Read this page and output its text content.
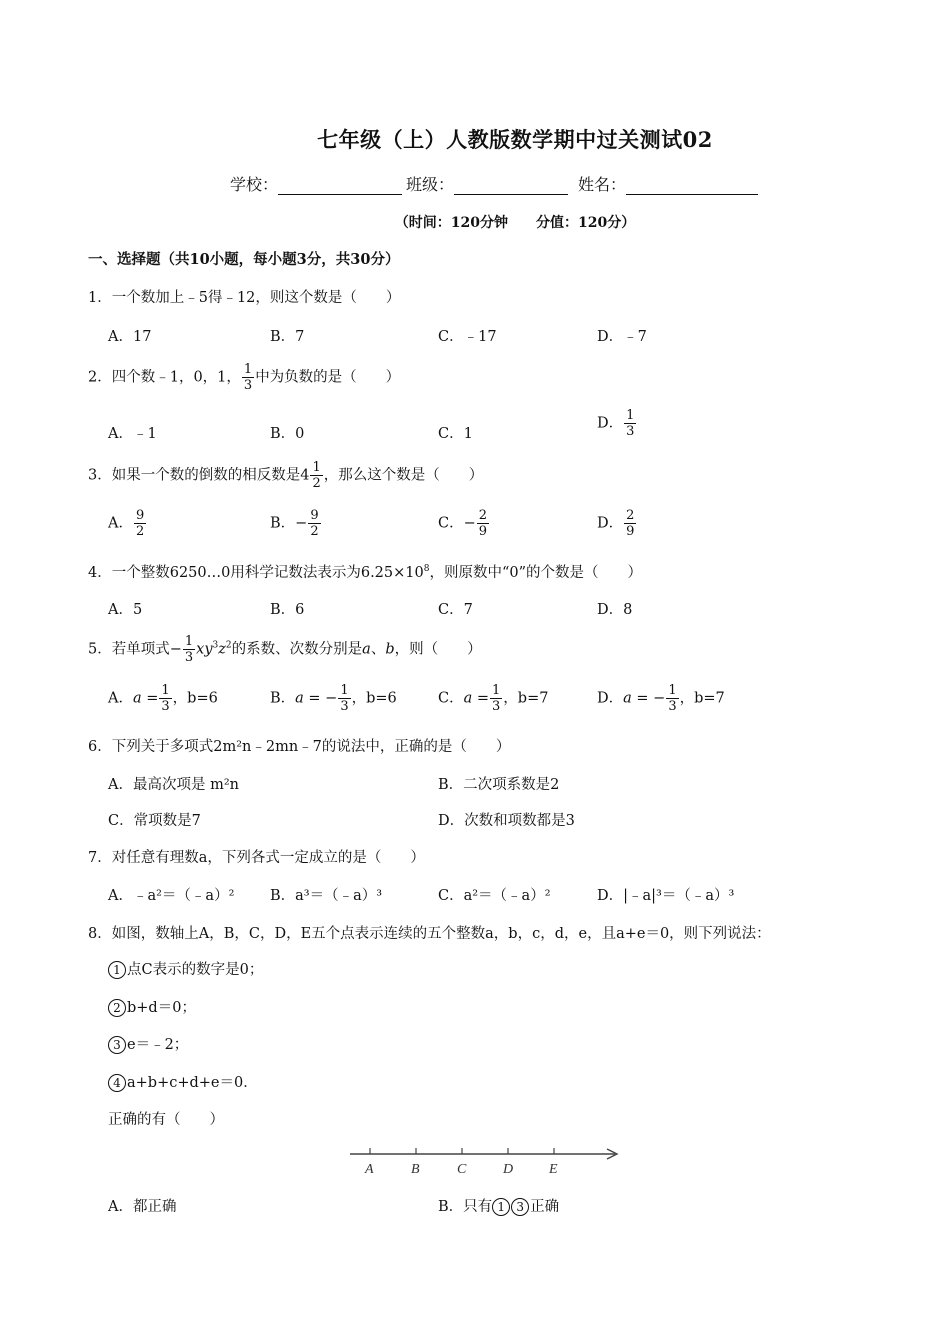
七年级（上）人教版数学期中过关测试02
学校：	班级：	姓名：
（时间：120分钟　　分值：120分）
一、选择题（共10小题，每小题3分，共30分）
1．一个数加上﹣5得﹣12，则这个数是（　　）
A．17	B．7	C．﹣17	D．﹣7
2．四个数﹣1，0，1， $\frac{1}{3}$ 中为负数的是（　　）
A．﹣1	B．0	C．1
D． $\frac{1}{3}$
3．如果一个数的倒数的相反数是$4 \frac{1}{2}$ ，那么这个数是（　　）
A． $\frac{9}{2}$	B．− $\frac{9}{2}$	C．− $\frac{2}{9}$	D． $\frac{2}{9}$
4．一个整数6250…0用科学记数法表示为$6.25\times 10^8$，则原数中“0”的个数是（　　）
A．5	B．6	C．7	D．8
5．若单项式− $\frac{1}{3} xy^3z^2$的系数、次数分别是a、b，则（　　）
A．$a = \frac{1}{3}$ ，b=6	B．a = − $\frac{1}{3}$ ，b=6	C．$a = \frac{1}{3}$ ，b=7	D．a = − $\frac{1}{3}$ ，b=7
6．下列关于多项式2m²n﹣2mn﹣7的说法中，正确的是（　　）
A．最高次项是 m²n	B．二次项系数是2
C．常项数是7	D．次数和项数都是3
7．对任意有理数a，下列各式一定成立的是（　　）
A．﹣a²＝（﹣a）² B．a³＝（﹣a）³	C．a²＝（﹣a）²	D．|﹣a|³＝（﹣a）³
8．如图，数轴上A，B，C，D，E五个点表示连续的五个整数a，b，c，d，e，且a+e＝0，则下列说法：
1 点C表示的数字是0；
2 b+d＝0；
3 e＝﹣2；
4 a+b+c+d+e＝0．
正确的有（　　）
A	B	C	D	E
A．都正确	B．只有 1 3 正确
